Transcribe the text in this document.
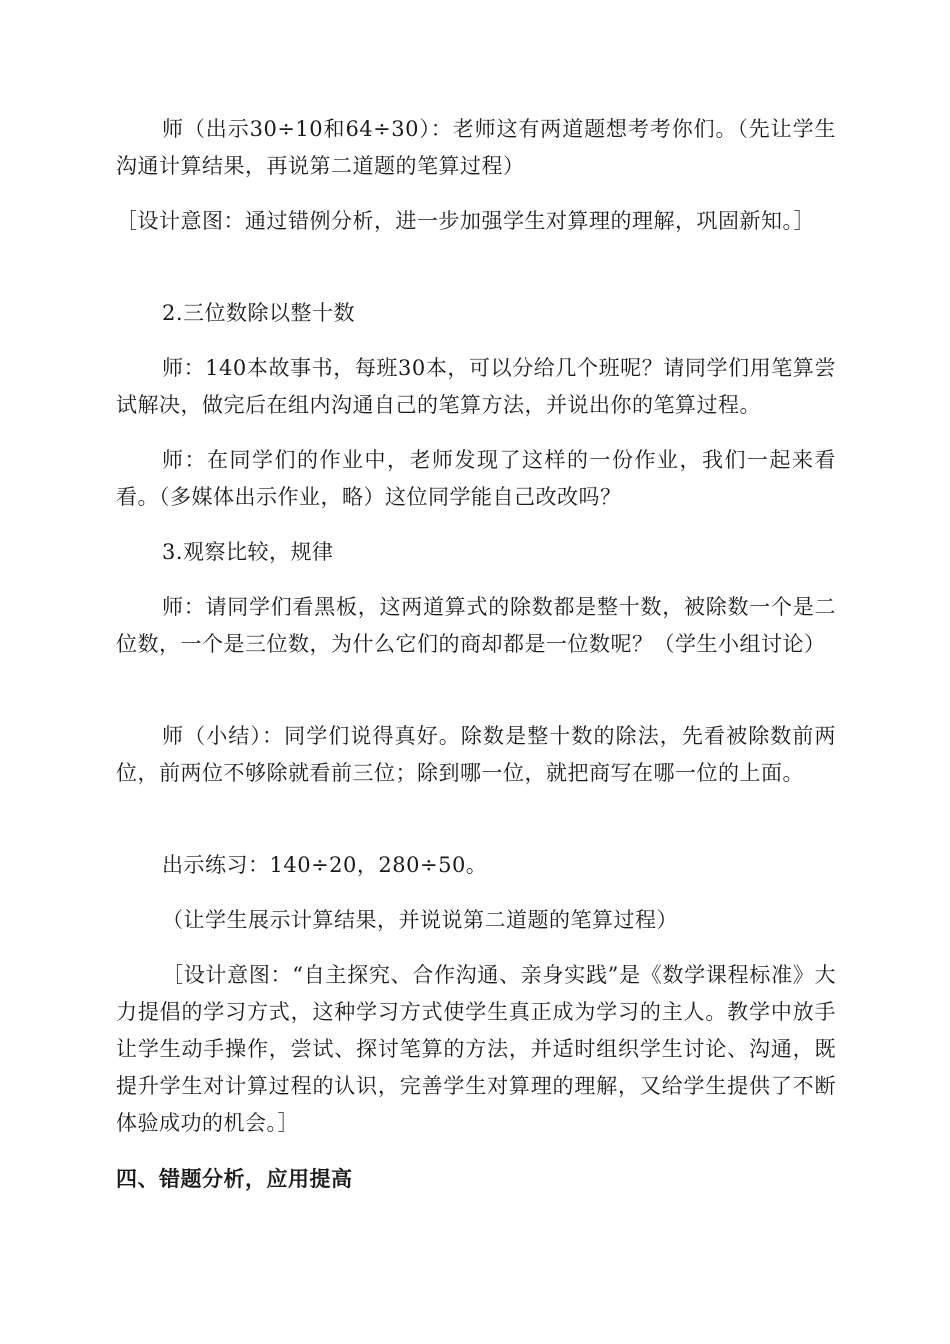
师（出示30÷10和64÷30）：老师这有两道题想考考你们。（先让学生沟通计算结果，再说第二道题的笔算过程）

［设计意图：通过错例分析，进一步加强学生对算理的理解，巩固新知。］

2.三位数除以整十数

师：140本故事书，每班30本，可以分给几个班呢？请同学们用笔算尝试解决，做完后在组内沟通自己的笔算方法，并说出你的笔算过程。

师：在同学们的作业中，老师发现了这样的一份作业，我们一起来看看。（多媒体出示作业，略）这位同学能自己改改吗？

3.观察比较，规律

师：请同学们看黑板，这两道算式的除数都是整十数，被除数一个是二位数，一个是三位数，为什么它们的商却都是一位数呢？（学生小组讨论）

师（小结）：同学们说得真好。除数是整十数的除法，先看被除数前两位，前两位不够除就看前三位；除到哪一位，就把商写在哪一位的上面。

出示练习：140÷20，280÷50。

（让学生展示计算结果，并说说第二道题的笔算过程）

［设计意图：“自主探究、合作沟通、亲身实践”是《数学课程标准》大力提倡的学习方式，这种学习方式使学生真正成为学习的主人。教学中放手让学生动手操作，尝试、探讨笔算的方法，并适时组织学生讨论、沟通，既提升学生对计算过程的认识，完善学生对算理的理解，又给学生提供了不断体验成功的机会。］

四、错题分析，应用提高
